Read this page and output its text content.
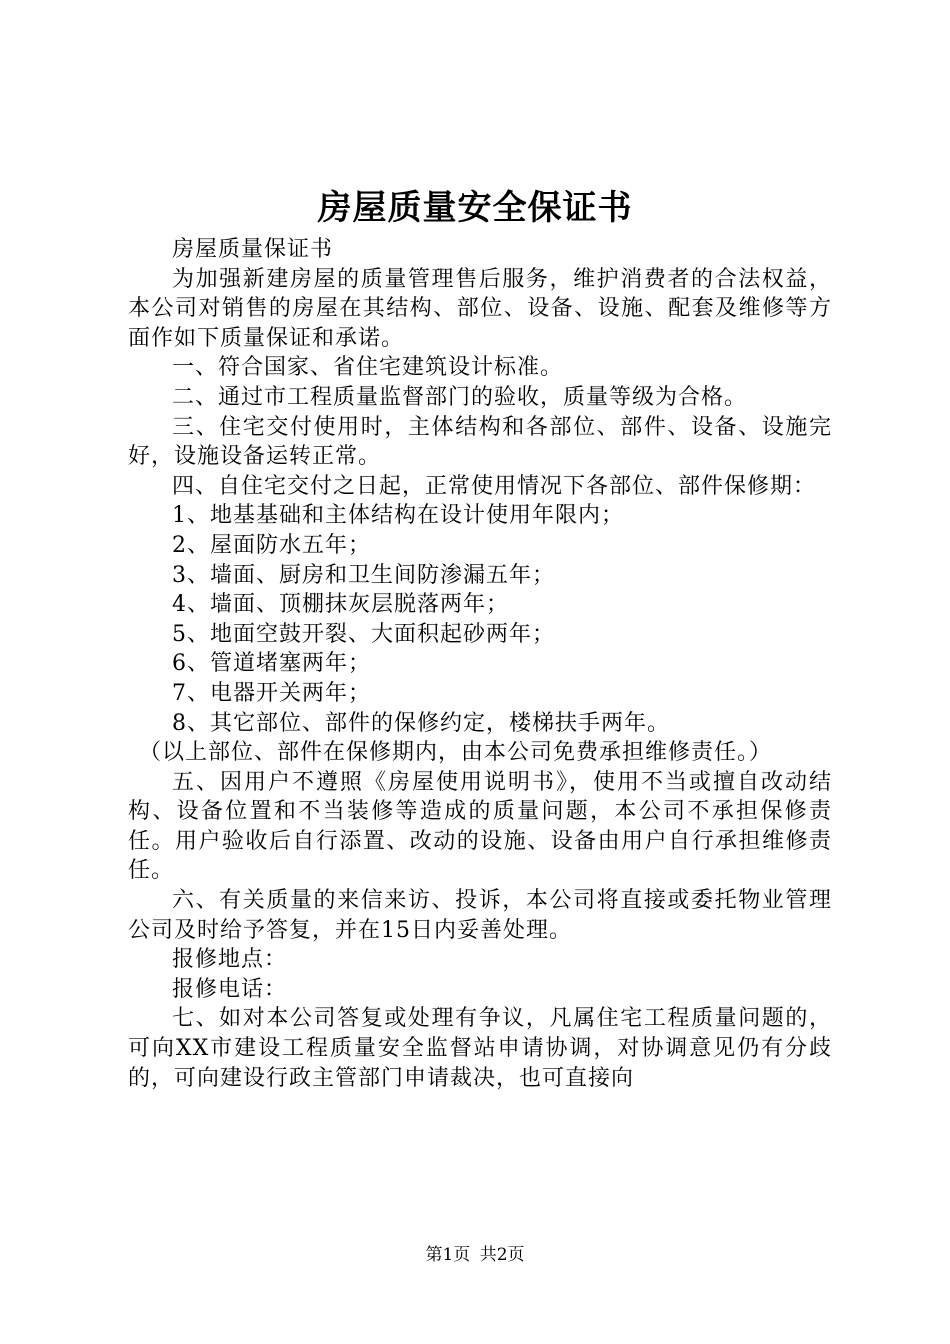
房屋质量安全保证书

房屋质量保证书

为加强新建房屋的质量管理售后服务，维护消费者的合法权益，本公司对销售的房屋在其结构、部位、设备、设施、配套及维修等方面作如下质量保证和承诺。

一、符合国家、省住宅建筑设计标准。

二、通过市工程质量监督部门的验收，质量等级为合格。

三、住宅交付使用时，主体结构和各部位、部件、设备、设施完好，设施设备运转正常。

四、自住宅交付之日起，正常使用情况下各部位、部件保修期：

1、地基基础和主体结构在设计使用年限内；

2、屋面防水五年；

3、墙面、厨房和卫生间防渗漏五年；

4、墙面、顶棚抹灰层脱落两年；

5、地面空鼓开裂、大面积起砂两年；

6、管道堵塞两年；

7、电器开关两年；

8、其它部位、部件的保修约定，楼梯扶手两年。

（以上部位、部件在保修期内，由本公司免费承担维修责任。）

五、因用户不遵照《房屋使用说明书》，使用不当或擅自改动结构、设备位置和不当装修等造成的质量问题，本公司不承担保修责任。用户验收后自行添置、改动的设施、设备由用户自行承担维修责任。

六、有关质量的来信来访、投诉，本公司将直接或委托物业管理公司及时给予答复，并在15日内妥善处理。

报修地点：

报修电话：

七、如对本公司答复或处理有争议，凡属住宅工程质量问题的，可向XX市建设工程质量安全监督站申请协调，对协调意见仍有分歧的，可向建设行政主管部门申请裁决，也可直接向

第1页 共2页
